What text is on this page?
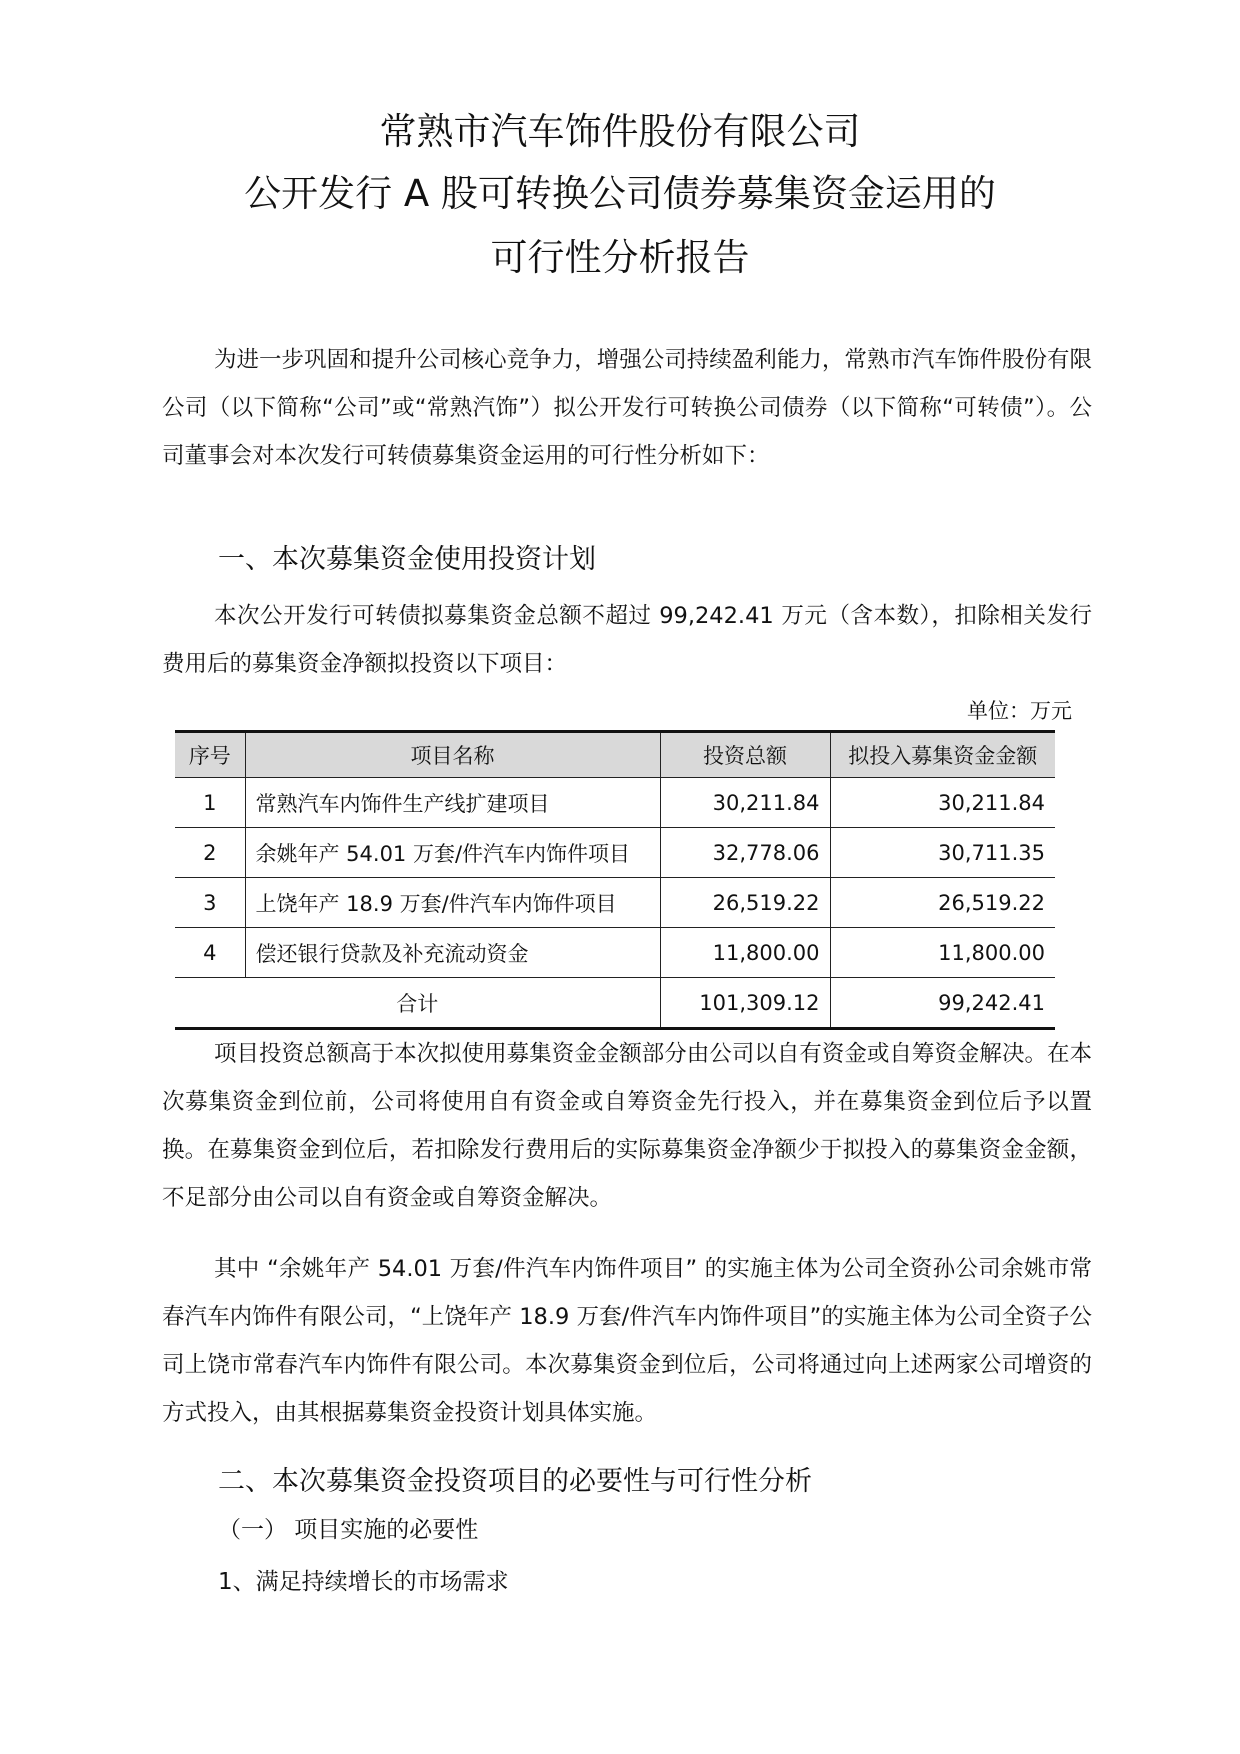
常熟市汽车饰件股份有限公司
公开发行 A 股可转换公司债券募集资金运用的
可行性分析报告
为进一步巩固和提升公司核心竞争力，增强公司持续盈利能力，常熟市汽车饰件股份有限公司（以下简称“公司”或“常熟汽饰”）拟公开发行可转换公司债券（以下简称“可转债”）。公司董事会对本次发行可转债募集资金运用的可行性分析如下：
一、本次募集资金使用投资计划
本次公开发行可转债拟募集资金总额不超过 99,242.41 万元（含本数），扣除相关发行费用后的募集资金净额拟投资以下项目：
单位：万元
序号	项目名称	投资总额	拟投入募集资金金额
1	常熟汽车内饰件生产线扩建项目	30,211.84	30,211.84
2	余姚年产 54.01 万套/件汽车内饰件项目	32,778.06	30,711.35
3	上饶年产 18.9 万套/件汽车内饰件项目	26,519.22	26,519.22
4	偿还银行贷款及补充流动资金	11,800.00	11,800.00
合计		101,309.12	99,242.41
项目投资总额高于本次拟使用募集资金金额部分由公司以自有资金或自筹资金解决。在本次募集资金到位前，公司将使用自有资金或自筹资金先行投入，并在募集资金到位后予以置换。在募集资金到位后，若扣除发行费用后的实际募集资金净额少于拟投入的募集资金金额，不足部分由公司以自有资金或自筹资金解决。
其中 “余姚年产 54.01 万套/件汽车内饰件项目” 的实施主体为公司全资孙公司余姚市常春汽车内饰件有限公司，“上饶年产 18.9 万套/件汽车内饰件项目”的实施主体为公司全资子公司上饶市常春汽车内饰件有限公司。本次募集资金到位后，公司将通过向上述两家公司增资的方式投入，由其根据募集资金投资计划具体实施。
二、本次募集资金投资项目的必要性与可行性分析
（一） 项目实施的必要性
1、满足持续增长的市场需求
